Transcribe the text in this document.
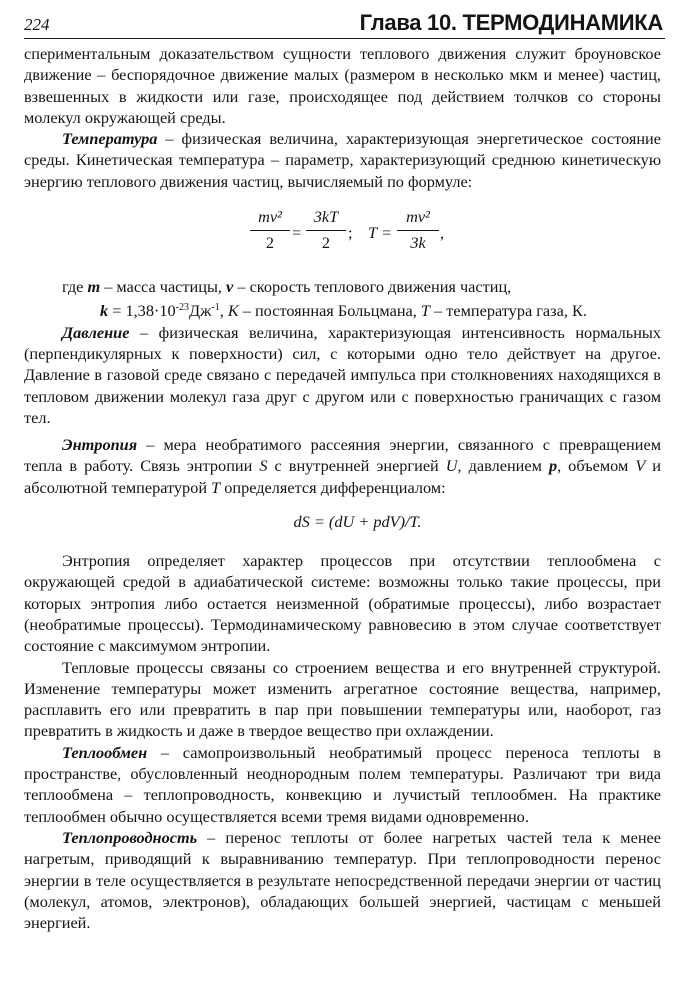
224	Глава 10. ТЕРМОДИНАМИКА

спериментальным доказательством сущности теплового движения служит броуновское движение – беспорядочное движение малых (размером в несколько мкм и менее) частиц, взвешенных в жидкости или газе, происходящее под действием толчков со стороны молекул окружающей среды.

Температура – физическая величина, характеризующая энергетическое состояние среды. Кинетическая температура – параметр, характеризующий среднюю кинетическую энергию теплового движения частиц, вычисляемый по формуле:

$\frac{\text{mv²}}{2} = \frac{3kT}{2}$ ; $T = \frac{\text{mv²}}{3k}$ ,

где m – масса частицы, v – скорость теплового движения частиц,

$k = 1,38\cdot 10^{-23}Дж^{-1}$, К – постоянная Больцмана, Т – температура газа, К.

Давление – физическая величина, характеризующая интенсивность нормальных (перпендикулярных к поверхности) сил, с которыми одно тело действует на другое. Давление в газовой среде связано с передачей импульса при столкновениях находящихся в тепловом движении молекул газа друг с другом или с поверхностью граничащих с газом тел.

Энтропия – мера необратимого рассеяния энергии, связанного с превращением тепла в работу. Связь энтропии S с внутренней энергией U, давлением p, объемом V и абсолютной температурой T определяется дифференциалом:

dS = (dU + pdV)/T.

Энтропия определяет характер процессов при отсутствии теплообмена с окружающей средой в адиабатической системе: возможны только такие процессы, при которых энтропия либо остается неизменной (обратимые процессы), либо возрастает (необратимые процессы). Термодинамическому равновесию в этом случае соответствует состояние с максимумом энтропии.

Тепловые процессы связаны со строением вещества и его внутренней структурой. Изменение температуры может изменить агрегатное состояние вещества, например, расплавить его или превратить в пар при повышении температуры или, наоборот, газ превратить в жидкость и даже в твердое вещество при охлаждении.

Теплообмен – самопроизвольный необратимый процесс переноса теплоты в пространстве, обусловленный неоднородным полем температуры. Различают три вида теплообмена – теплопроводность, конвекцию и лучистый теплообмен. На практике теплообмен обычно осуществляется всеми тремя видами одновременно.

Теплопроводность – перенос теплоты от более нагретых частей тела к менее нагретым, приводящий к выравниванию температур. При теплопроводности перенос энергии в теле осуществляется в результате непосредственной передачи энергии от частиц (молекул, атомов, электронов), обладающих большей энергией, частицам с меньшей энергией.
